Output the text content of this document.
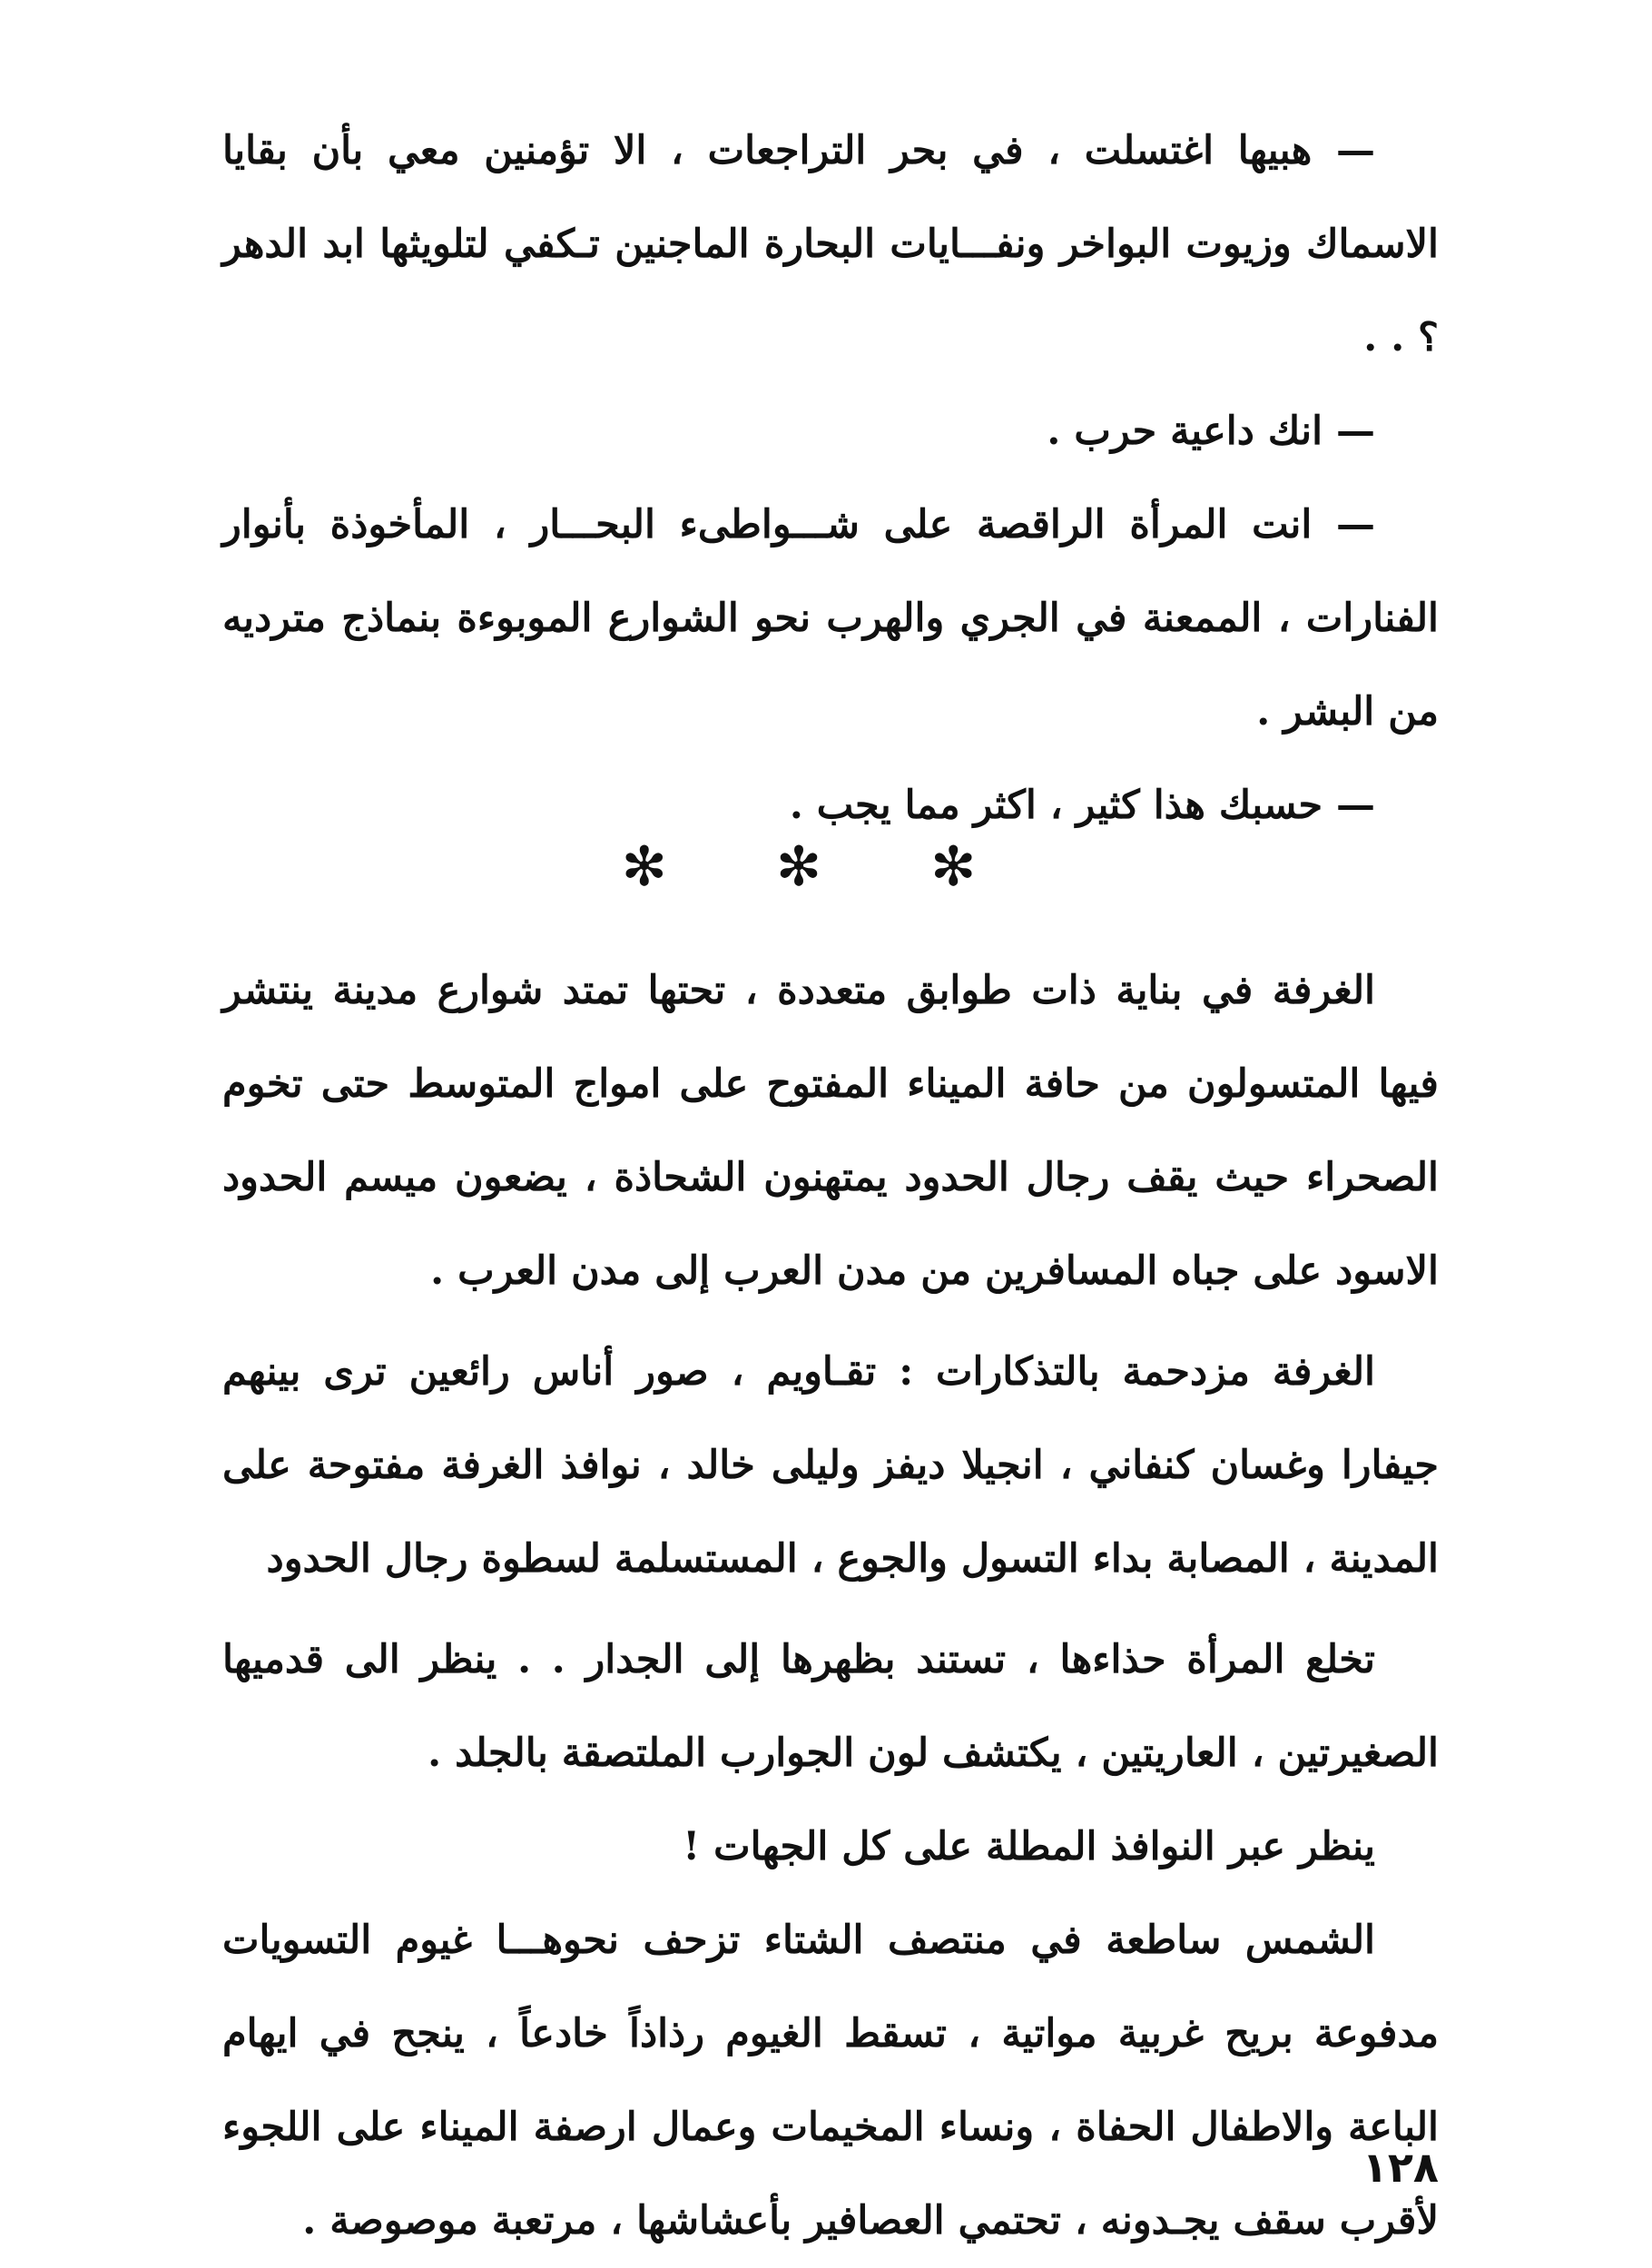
— هبيها اغتسلت ، في بحر التراجعات ، الا تؤمنين معي بأن بقايا الاسماك وزيوت البواخر ونفـــايات البحارة الماجنين تـكفي لتلويثها ابد الدهر ؟ . .

— انك داعية حرب .

— انت المرأة الراقصة على شـــواطىء البحـــار ، المأخوذة بأنوار الفنارات ، الممعنة في الجري والهرب نحو الشوارع الموبوءة بنماذج مترديه من البشر .

— حسبك هذا كثير ، اكثر مما يجب .

✻ ✻ ✻

الغرفة في بناية ذات طوابق متعددة ، تحتها تمتد شوارع مدينة ينتشر فيها المتسولون من حافة الميناء المفتوح على امواج المتوسط حتى تخوم الصحراء حيث يقف رجال الحدود يمتهنون الشحاذة ، يضعون ميسم الحدود الاسود على جباه المسافرين من مدن العرب إلى مدن العرب .

الغرفة مزدحمة بالتذكارات : تقـاويم ، صور أناس رائعين ترى بينهم جيفارا وغسان كنفاني ، انجيلا ديفز وليلى خالد ، نوافذ الغرفة مفتوحة على المدينة ، المصابة بداء التسول والجوع ، المستسلمة لسطوة رجال الحدود

تخلع المرأة حذاءها ، تستند بظهرها إلى الجدار . . ينظر الى قدميها الصغيرتين ، العاريتين ، يكتشف لون الجوارب الملتصقة بالجلد .

ينظر عبر النوافذ المطلة على كل الجهات !

الشمس ساطعة في منتصف الشتاء تزحف نحوهـــا غيوم التسويات مدفوعة بريح غربية مواتية ، تسقط الغيوم رذاذاً خادعاً ، ينجح في ايهام الباعة والاطفال الحفاة ، ونساء المخيمات وعمال ارصفة الميناء على اللجوء لأقرب سقف يجـدونه ، تحتمي العصافير بأعشاشها ، مرتعبة موصوصة .

١٢٨
